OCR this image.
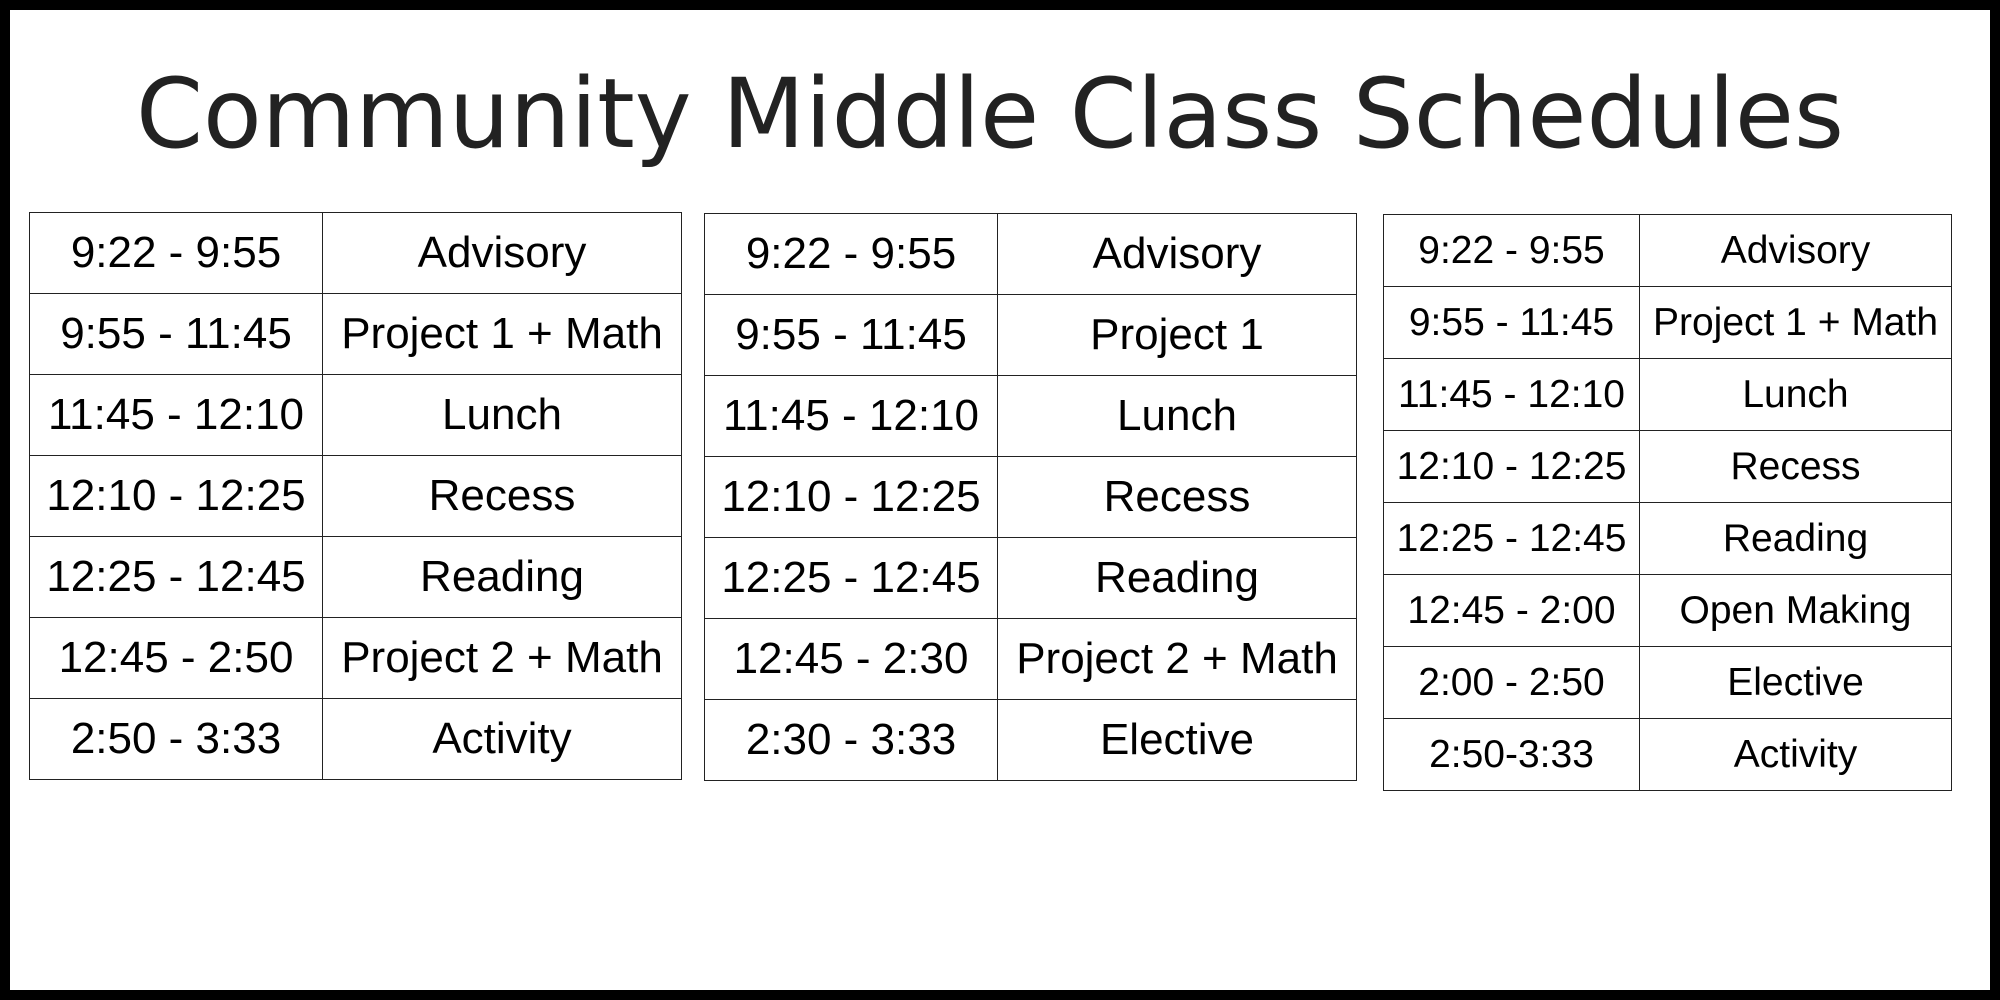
Community Middle Class Schedules
9:22 - 9:55	Advisory
9:55 - 11:45	Project 1 + Math
11:45 - 12:10	Lunch
12:10 - 12:25	Recess
12:25 - 12:45	Reading
12:45 - 2:50	Project 2 + Math
2:50 - 3:33	Activity
9:22 - 9:55	Advisory
9:55 - 11:45	Project 1
11:45 - 12:10	Lunch
12:10 - 12:25	Recess
12:25 - 12:45	Reading
12:45 - 2:30	Project 2 + Math
2:30 - 3:33	Elective
9:22 - 9:55	Advisory
9:55 - 11:45	Project 1 + Math
11:45 - 12:10	Lunch
12:10 - 12:25	Recess
12:25 - 12:45	Reading
12:45 - 2:00	Open Making
2:00 - 2:50	Elective
2:50-3:33	Activity
